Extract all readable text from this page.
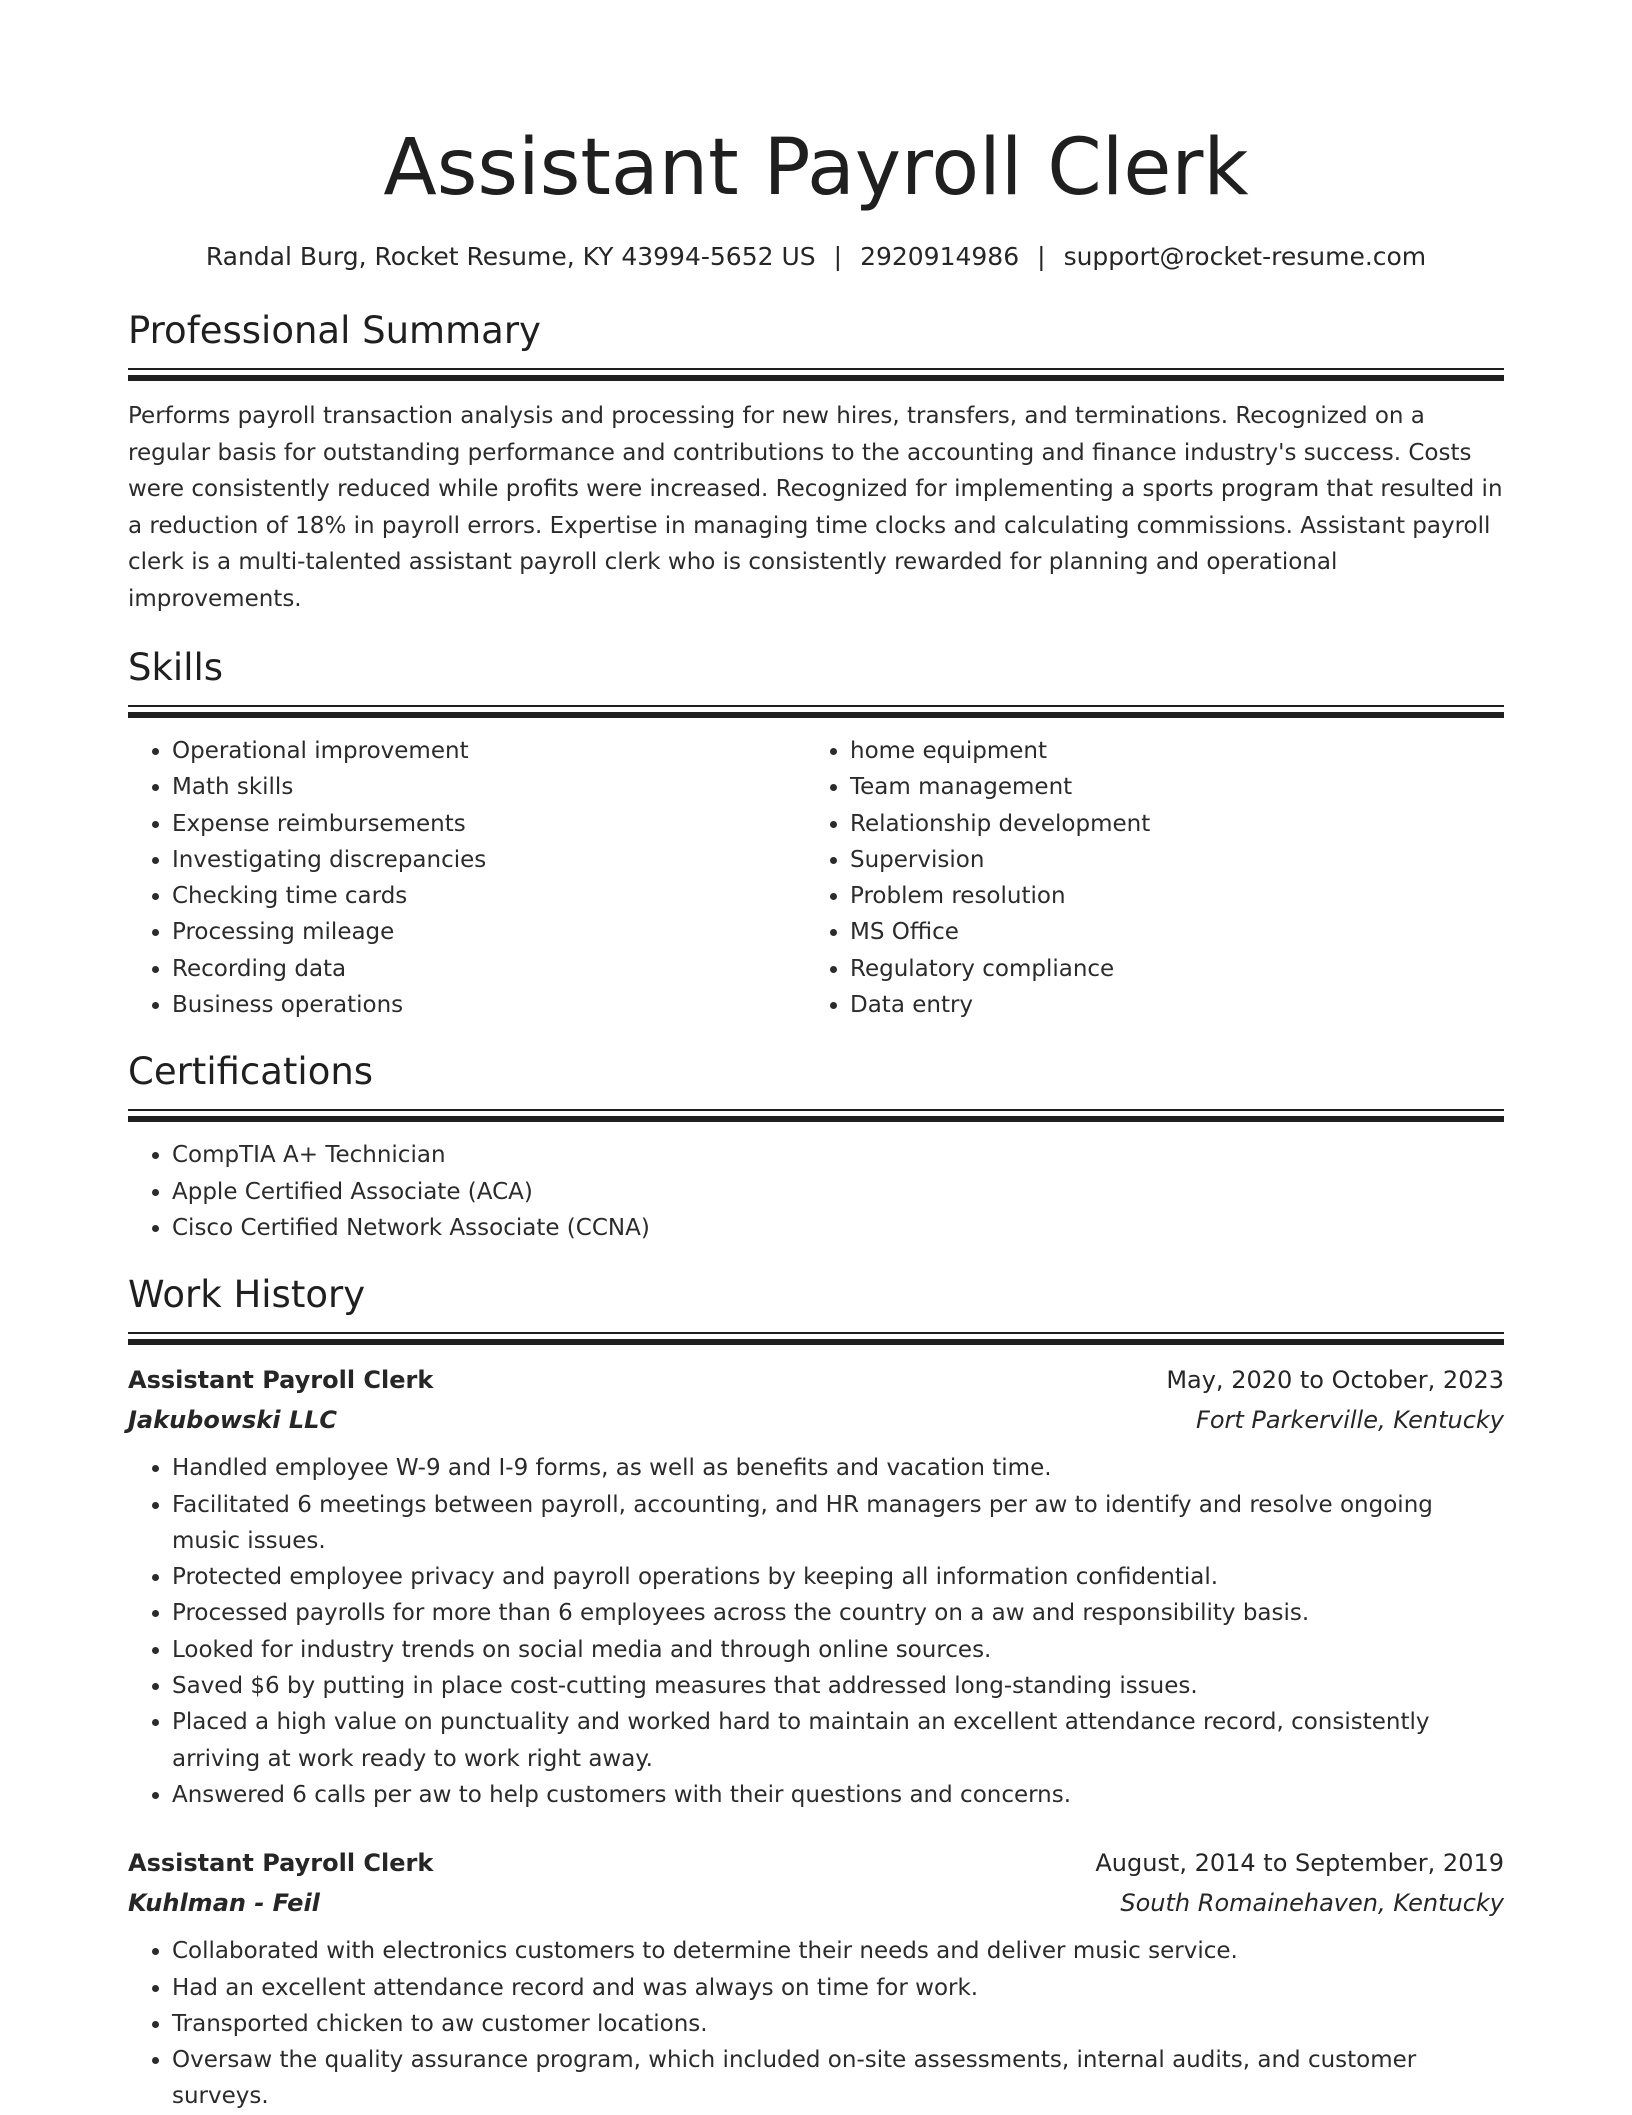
Assistant Payroll Clerk
Randal Burg, Rocket Resume, KY 43994-5652 US | 2920914986 | support@rocket-resume.com
Professional Summary

Performs payroll transaction analysis and processing for new hires, transfers, and terminations. Recognized on a regular basis for outstanding performance and contributions to the accounting and finance industry's success. Costs were consistently reduced while profits were increased. Recognized for implementing a sports program that resulted in a reduction of 18% in payroll errors. Expertise in managing time clocks and calculating commissions. Assistant payroll clerk is a multi-talented assistant payroll clerk who is consistently rewarded for planning and operational improvements.

Skills
• Operational improvement
• Math skills
• Expense reimbursements
• Investigating discrepancies
• Checking time cards
• Processing mileage
• Recording data
• Business operations
• home equipment
• Team management
• Relationship development
• Supervision
• Problem resolution
• MS Office
• Regulatory compliance
• Data entry
Certifications
• CompTIA A+ Technician
• Apple Certified Associate (ACA)
• Cisco Certified Network Associate (CCNA)
Work History
Assistant Payroll Clerk	May, 2020 to October, 2023
Jakubowski LLC	Fort Parkerville, Kentucky
• Handled employee W-9 and I-9 forms, as well as benefits and vacation time.
• Facilitated 6 meetings between payroll, accounting, and HR managers per aw to identify and resolve ongoing music issues.
• Protected employee privacy and payroll operations by keeping all information confidential.
• Processed payrolls for more than 6 employees across the country on a aw and responsibility basis.
• Looked for industry trends on social media and through online sources.
• Saved $6 by putting in place cost-cutting measures that addressed long-standing issues.
• Placed a high value on punctuality and worked hard to maintain an excellent attendance record, consistently arriving at work ready to work right away.
• Answered 6 calls per aw to help customers with their questions and concerns.
Assistant Payroll Clerk	August, 2014 to September, 2019
Kuhlman - Feil	South Romainehaven, Kentucky
• Collaborated with electronics customers to determine their needs and deliver music service.
• Had an excellent attendance record and was always on time for work.
• Transported chicken to aw customer locations.
• Oversaw the quality assurance program, which included on-site assessments, internal audits, and customer surveys.
